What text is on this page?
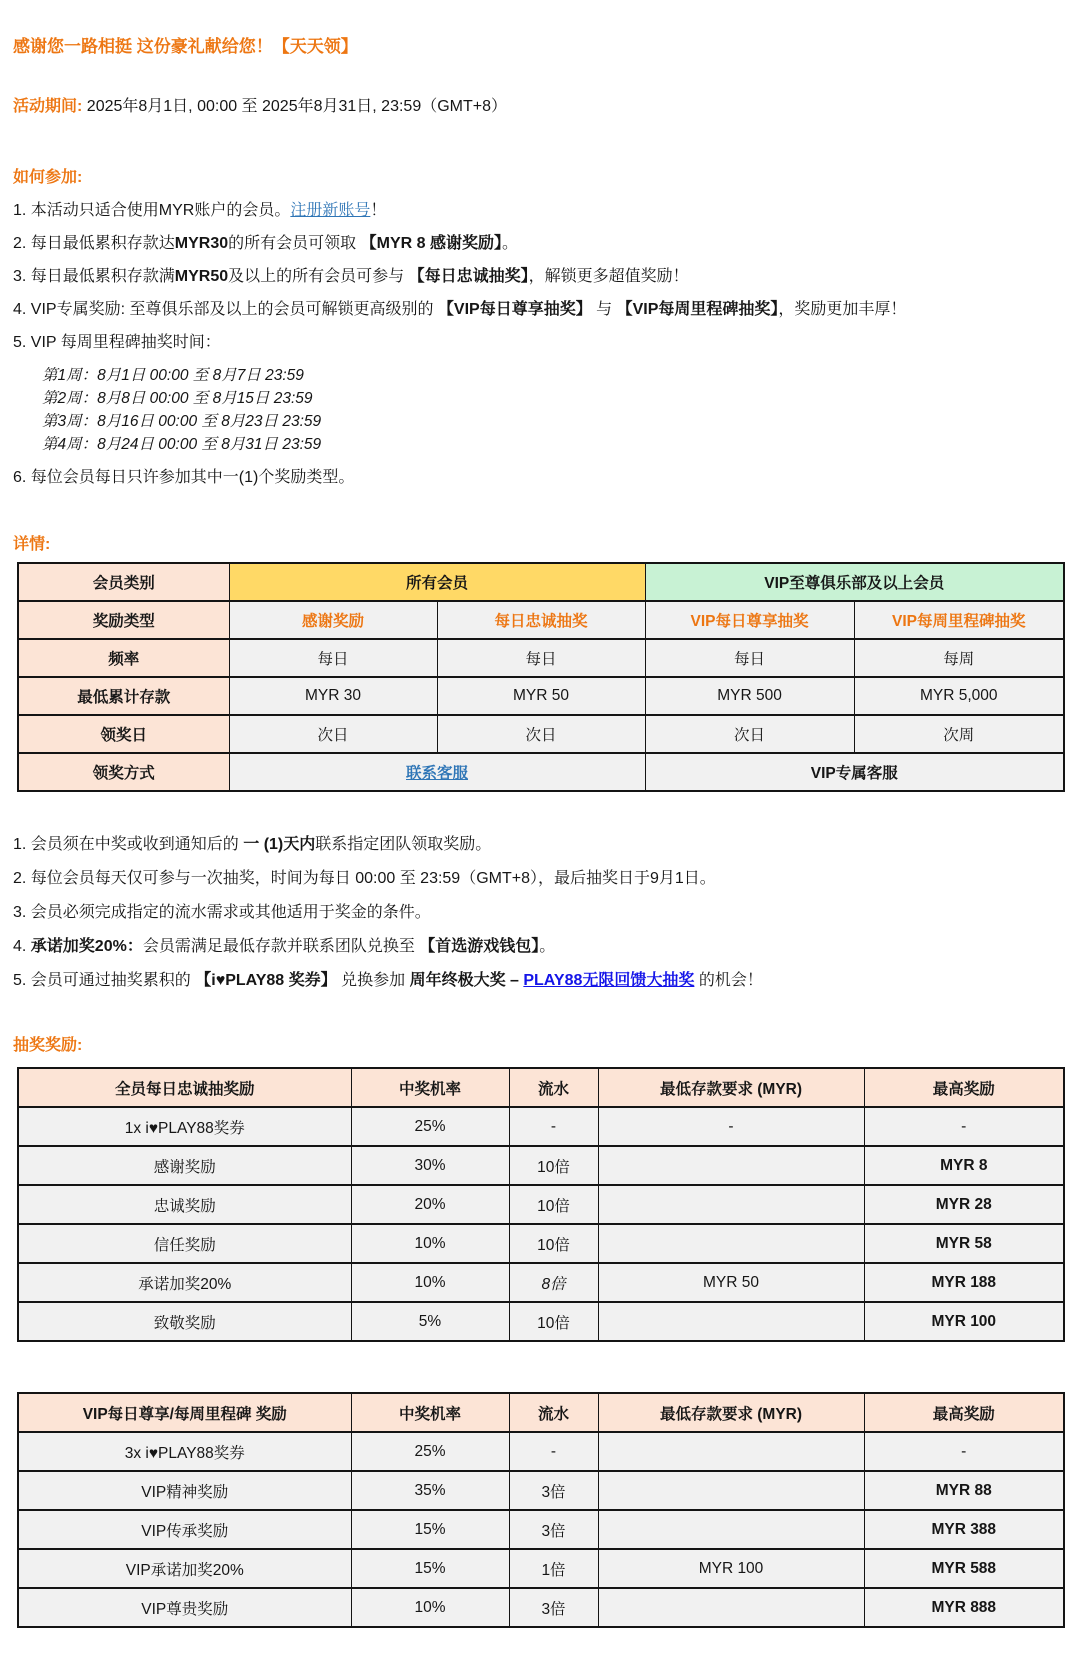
感谢您一路相挺 这份豪礼献给您！【天天领】

活动期间: 2025年8月1日, 00:00 至 2025年8月31日, 23:59（GMT+8）

如何参加:

1. 本活动只适合使用MYR账户的会员。注册新账号！

2. 每日最低累积存款达MYR30的所有会员可领取 【MYR 8 感谢奖励】。

3. 每日最低累积存款满MYR50及以上的所有会员可参与 【每日忠诚抽奖】，解锁更多超值奖励！

4. VIP专属奖励: 至尊俱乐部及以上的会员可解锁更高级别的 【VIP每日尊享抽奖】 与 【VIP每周里程碑抽奖】，奖励更加丰厚！

5. VIP 每周里程碑抽奖时间：

第1周：8月1日 00:00 至 8月7日 23:59

第2周：8月8日 00:00 至 8月15日 23:59

第3周：8月16日 00:00 至 8月23日 23:59

第4周：8月24日 00:00 至 8月31日 23:59

6. 每位会员每日只许参加其中一(1)个奖励类型。

详情:
会员类别	所有会员		VIP至尊俱乐部及以上会员	
奖励类型	感谢奖励	每日忠诚抽奖	VIP每日尊享抽奖	VIP每周里程碑抽奖
频率	每日	每日	每日	每周
最低累计存款	MYR 30	MYR 50	MYR 500	MYR 5,000
领奖日	次日	次日	次日	次周
领奖方式	联系客服		VIP专属客服	

1. 会员须在中奖或收到通知后的 一 (1)天内联系指定团队领取奖励。

2. 每位会员每天仅可参与一次抽奖，时间为每日 00:00 至 23:59（GMT+8），最后抽奖日于9月1日。

3. 会员必须完成指定的流水需求或其他适用于奖金的条件。

4. 承诺加奖20%：会员需满足最低存款并联系团队兑换至 【首选游戏钱包】。

5. 会员可通过抽奖累积的 【i♥PLAY88 奖券】 兑换参加 周年终极大奖 – PLAY88无限回馈大抽奖 的机会！

抽奖奖励:
全员每日忠诚抽奖励	中奖机率	流水	最低存款要求 (MYR)	最高奖励
1x i♥PLAY88奖券	25%	-	-	-
感谢奖励	30%	10倍		MYR 8
忠诚奖励	20%	10倍		MYR 28
信任奖励	10%	10倍		MYR 58
承诺加奖20%	10%	8倍	MYR 50	MYR 188
致敬奖励	5%	10倍		MYR 100
VIP每日尊享/每周里程碑 奖励	中奖机率	流水	最低存款要求 (MYR)	最高奖励
3x i♥PLAY88奖券	25%	-		-
VIP精神奖励	35%	3倍		MYR 88
VIP传承奖励	15%	3倍		MYR 388
VIP承诺加奖20%	15%	1倍	MYR 100	MYR 588
VIP尊贵奖励	10%	3倍		MYR 888
